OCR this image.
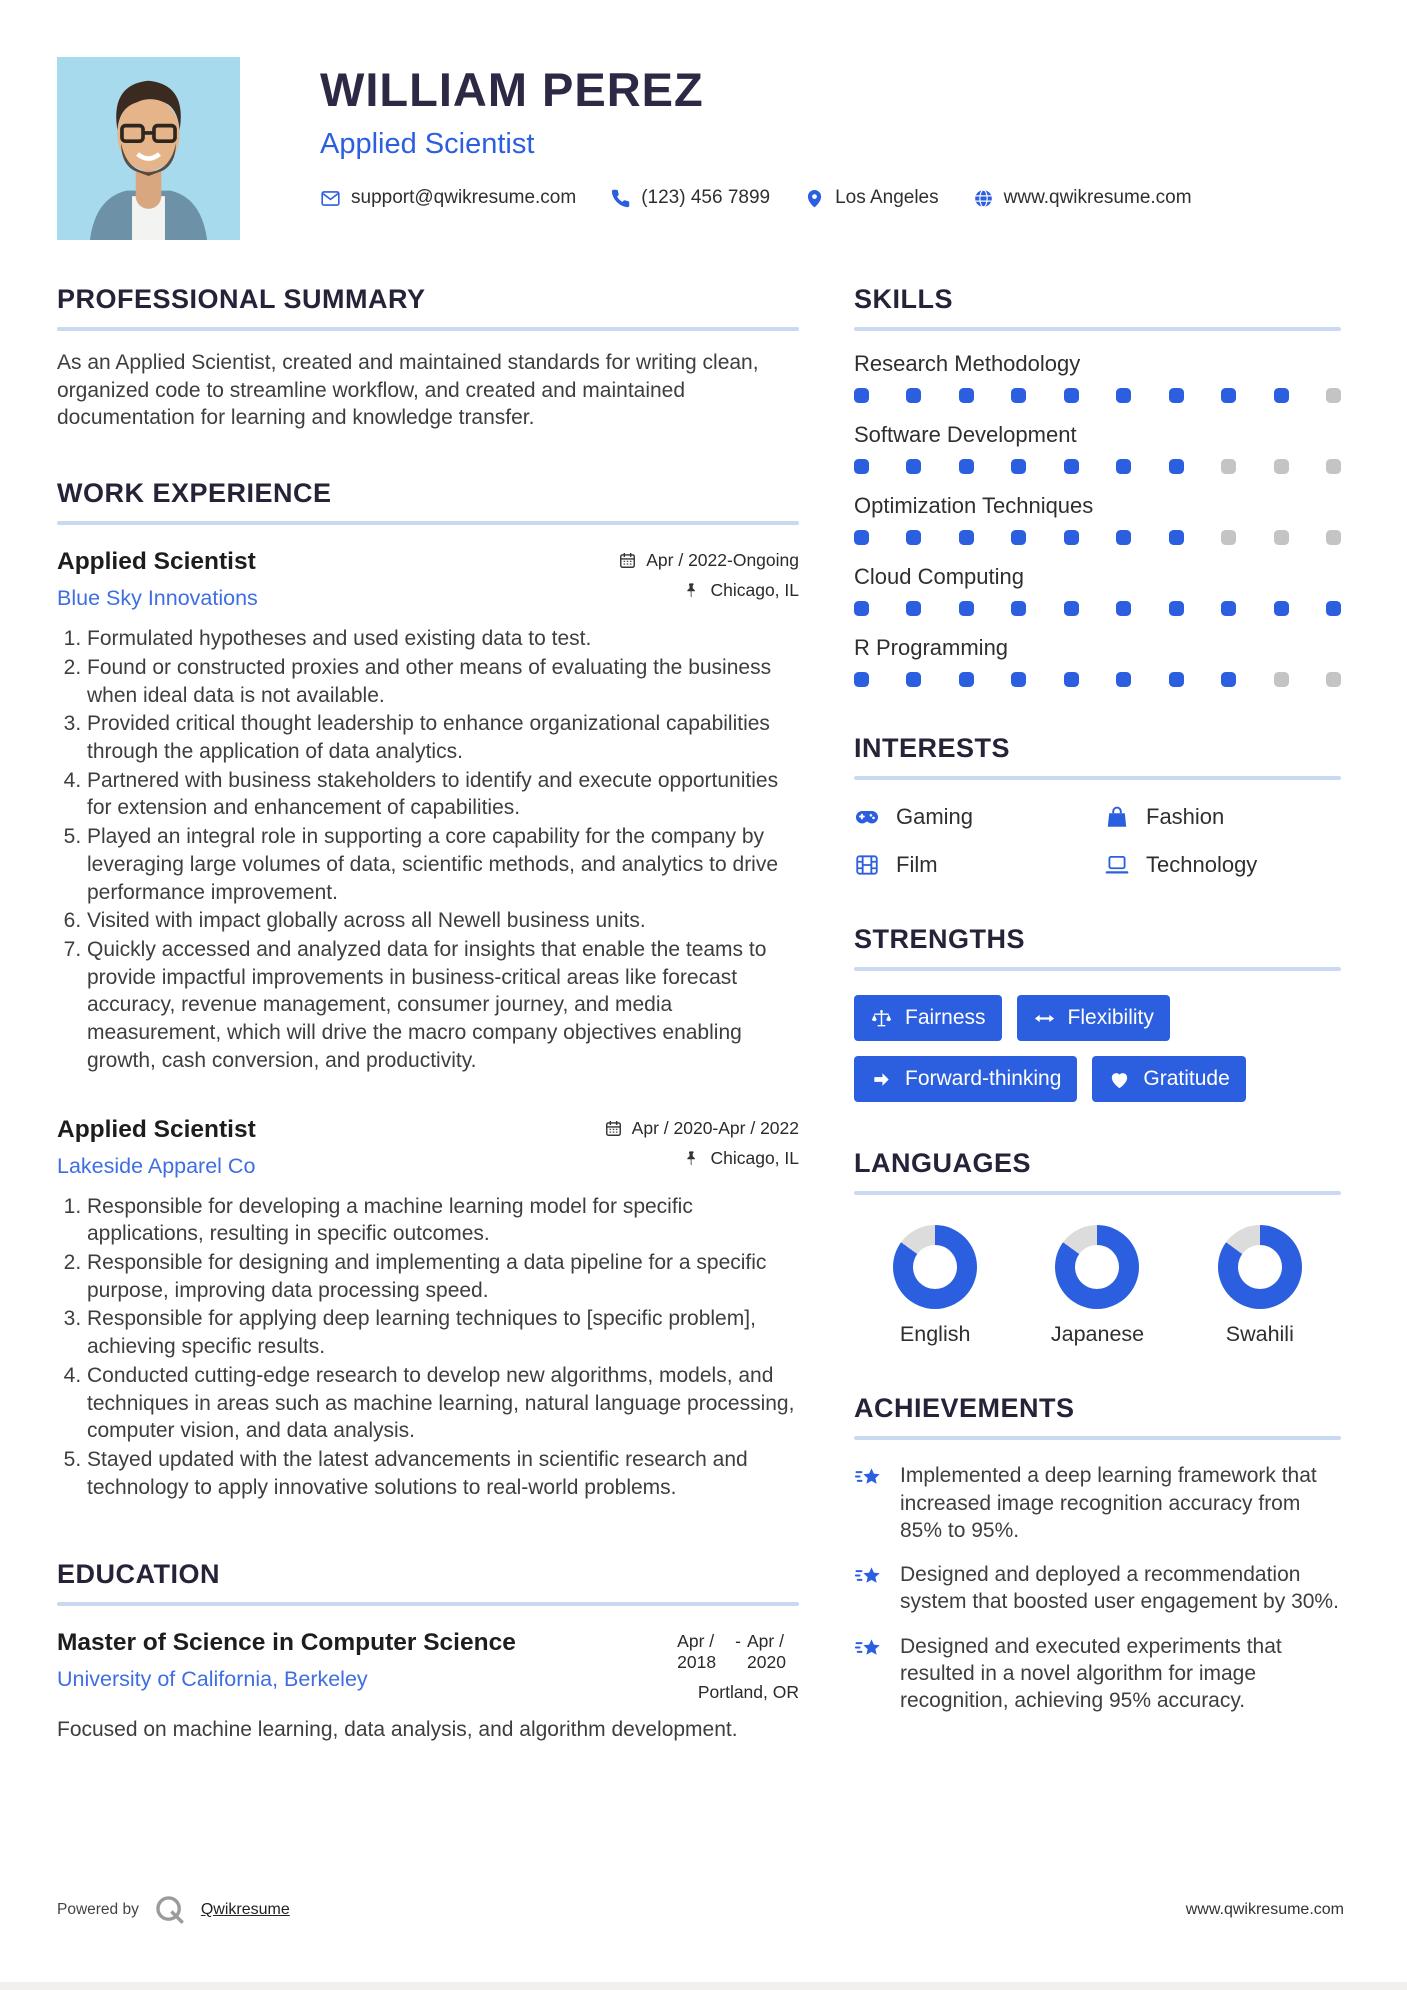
WILLIAM PEREZ
Applied Scientist
support@qwikresume.com	(123) 456 7899	Los Angeles	www.qwikresume.com
PROFESSIONAL SUMMARY

As an Applied Scientist, created and maintained standards for writing clean, organized code to streamline workflow, and created and maintained documentation for learning and knowledge transfer.

WORK EXPERIENCE
Applied Scientist
Blue Sky Innovations
Apr / 2022-Ongoing
Chicago, IL
1. Formulated hypotheses and used existing data to test.
2. Found or constructed proxies and other means of evaluating the business when ideal data is not available.
3. Provided critical thought leadership to enhance organizational capabilities through the application of data analytics.
4. Partnered with business stakeholders to identify and execute opportunities for extension and enhancement of capabilities.
5. Played an integral role in supporting a core capability for the company by leveraging large volumes of data, scientific methods, and analytics to drive performance improvement.
6. Visited with impact globally across all Newell business units.
7. Quickly accessed and analyzed data for insights that enable the teams to provide impactful improvements in business-critical areas like forecast accuracy, revenue management, consumer journey, and media measurement, which will drive the macro company objectives enabling growth, cash conversion, and productivity.
Applied Scientist
Lakeside Apparel Co
Apr / 2020-Apr / 2022
Chicago, IL
1. Responsible for developing a machine learning model for specific applications, resulting in specific outcomes.
2. Responsible for designing and implementing a data pipeline for a specific purpose, improving data processing speed.
3. Responsible for applying deep learning techniques to [specific problem], achieving specific results.
4. Conducted cutting-edge research to develop new algorithms, models, and techniques in areas such as machine learning, natural language processing, computer vision, and data analysis.
5. Stayed updated with the latest advancements in scientific research and technology to apply innovative solutions to real-world problems.
EDUCATION
Master of Science in Computer Science
University of California, Berkeley
Apr / 2018
- Apr / 2020
Portland, OR

Focused on machine learning, data analysis, and algorithm development.

SKILLS
Research Methodology
Software Development
Optimization Techniques
Cloud Computing
R Programming
INTERESTS
Gaming	Fashion
Film	Technology
STRENGTHS
Fairness	Flexibility
Forward-thinking	Gratitude
LANGUAGES
English	Japanese	Swahili
ACHIEVEMENTS

Implemented a deep learning framework that increased image recognition accuracy from 85% to 95%.

Designed and deployed a recommendation system that boosted user engagement by 30%.

Designed and executed experiments that resulted in a novel algorithm for image recognition, achieving 95% accuracy.

Powered by	Qwikresume	www.qwikresume.com
